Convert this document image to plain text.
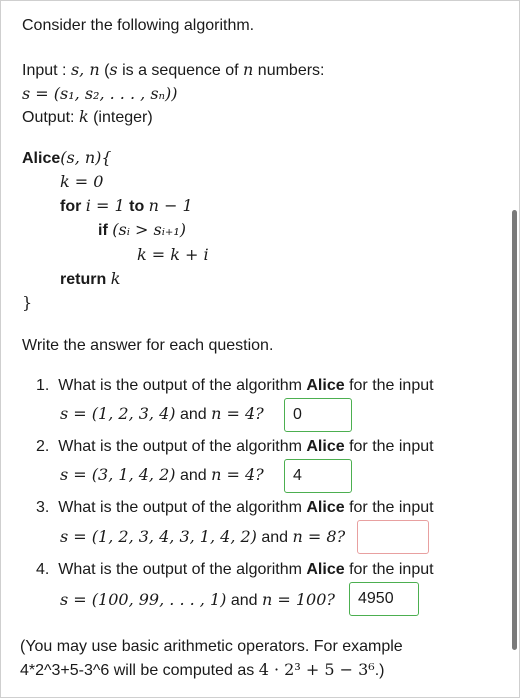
Consider the following algorithm.
Input : s, n (s is a sequence of n numbers:
s = (s₁, s₂, . . . , sₙ))
Output: k (integer)
Alice(s, n){
k = 0
for i = 1 to n − 1
if (sᵢ > sᵢ₊₁)
k = k + i
return k
}
Write the answer for each question.
1. What is the output of the algorithm Alice for the input
s = (1, 2, 3, 4) and n = 4?	0
2. What is the output of the algorithm Alice for the input
s = (3, 1, 4, 2) and n = 4?	4
3. What is the output of the algorithm Alice for the input
s = (1, 2, 3, 4, 3, 1, 4, 2) and n = 8?
4. What is the output of the algorithm Alice for the input
s = (100, 99, . . . , 1) and n = 100?	4950
(You may use basic arithmetic operators. For example
4*2^3+5-3^6 will be computed as 4 · 2³ + 5 − 3⁶.)
